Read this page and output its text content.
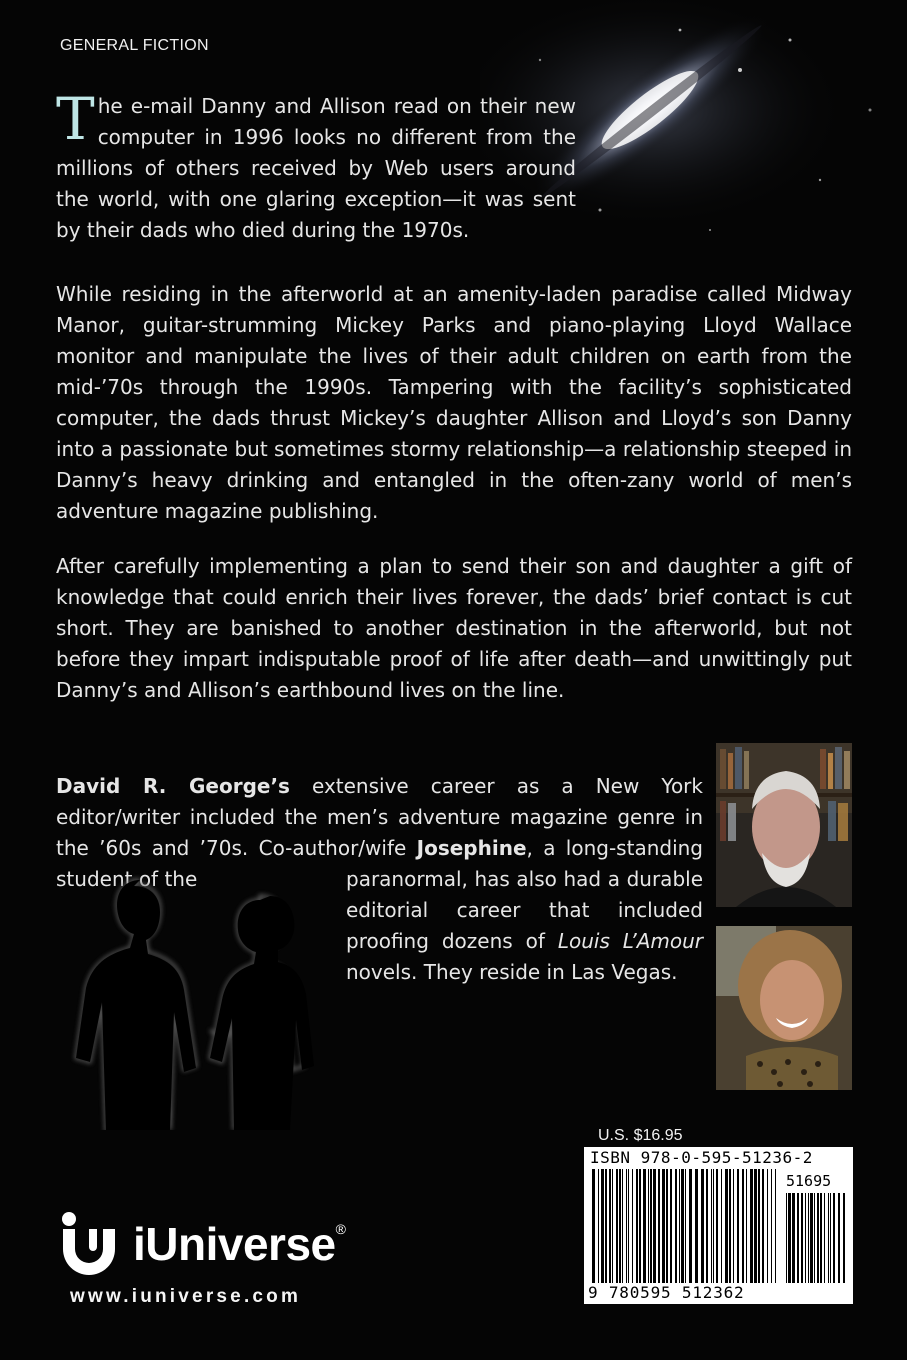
GENERAL FICTION

The e-mail Danny and Allison read on their new computer in 1996 looks no different from the millions of others received by Web users around the world, with one glaring exception—it was sent by their dads who died during the 1970s.

While residing in the afterworld at an amenity-laden paradise called Midway Manor, guitar-strumming Mickey Parks and piano-playing Lloyd Wallace monitor and manipulate the lives of their adult children on earth from the mid-’70s through the 1990s. Tampering with the facility’s sophisticated computer, the dads thrust Mickey’s daughter Allison and Lloyd’s son Danny into a passionate but sometimes stormy relationship—a relationship steeped in Danny’s heavy drinking and entangled in the often-zany world of men’s adventure magazine publishing.

After carefully implementing a plan to send their son and daughter a gift of knowledge that could enrich their lives forever, the dads’ brief contact is cut short. They are banished to another destination in the afterworld, but not before they impart indisputable proof of life after death—and unwittingly put Danny’s and Allison’s earthbound lives on the line.

David R. George’s extensive career as a New York editor/writer included the men’s adventure magazine genre in the ’60s and ’70s. Co-author/wife Josephine, a long-standing student of the	paranormal, has also had a durable editorial career that included proofing dozens of Louis L’Amour novels. They reside in Las Vegas.

U.S. $16.95
ISBN 978-0-595-51236-2
51695
9 780595 512362
iUniverse®
www.iuniverse.com
